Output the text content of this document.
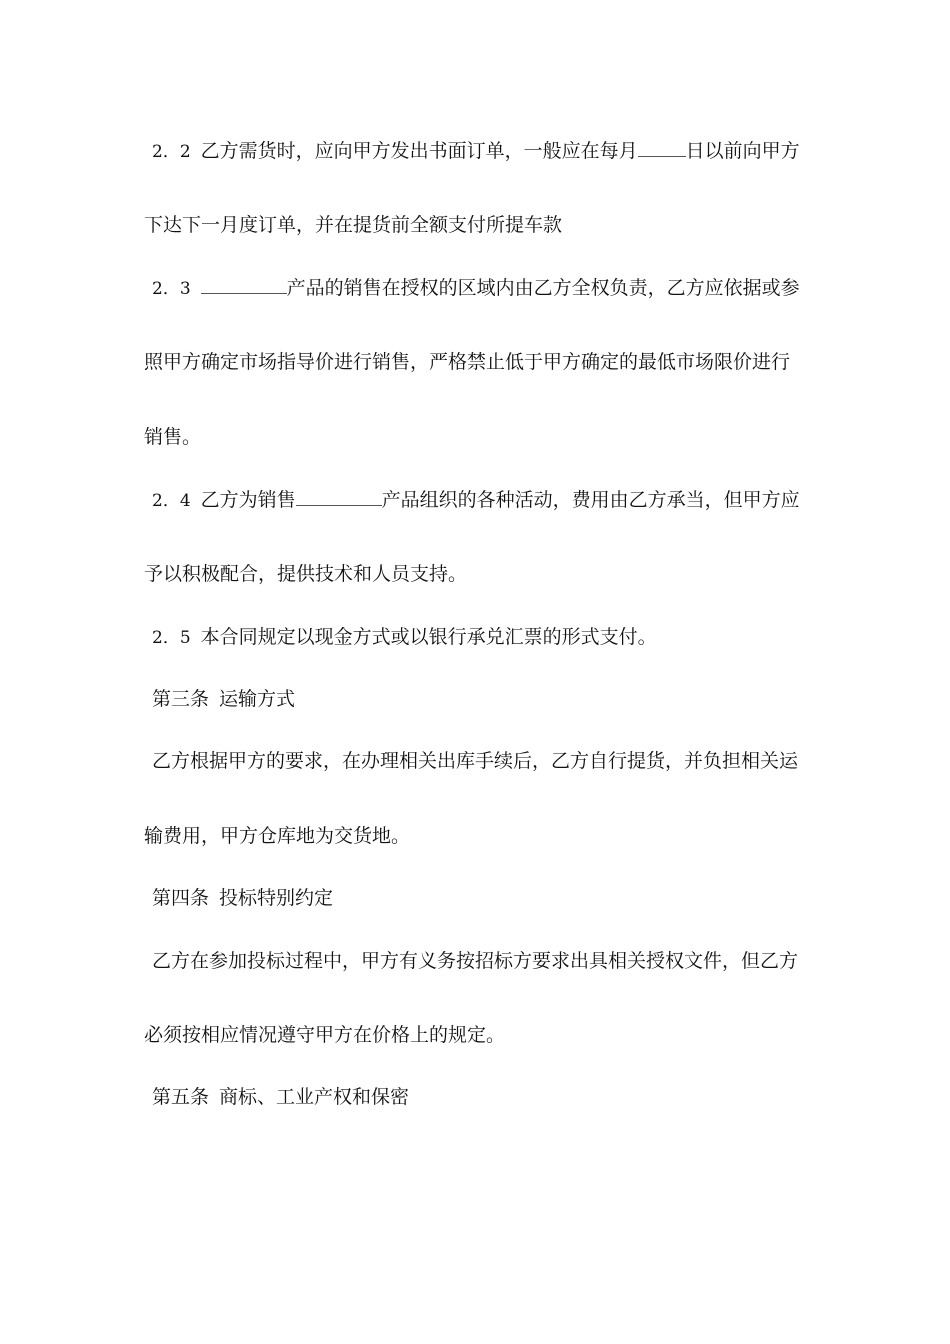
2．2 乙方需货时，应向甲方发出书面订单，一般应在每月	日以前向甲方
下达下一月度订单，并在提货前全额支付所提车款
2．3	产品的销售在授权的区域内由乙方全权负责，乙方应依据或参
照甲方确定市场指导价进行销售，严格禁止低于甲方确定的最低市场限价进行
销售。
2．4 乙方为销售	产品组织的各种活动，费用由乙方承当，但甲方应
予以积极配合，提供技术和人员支持。
2．5 本合同规定以现金方式或以银行承兑汇票的形式支付。
第三条 运输方式
乙方根据甲方的要求，在办理相关出库手续后，乙方自行提货，并负担相关运
输费用，甲方仓库地为交货地。
第四条 投标特别约定
乙方在参加投标过程中，甲方有义务按招标方要求出具相关授权文件，但乙方
必须按相应情况遵守甲方在价格上的规定。
第五条 商标、工业产权和保密
